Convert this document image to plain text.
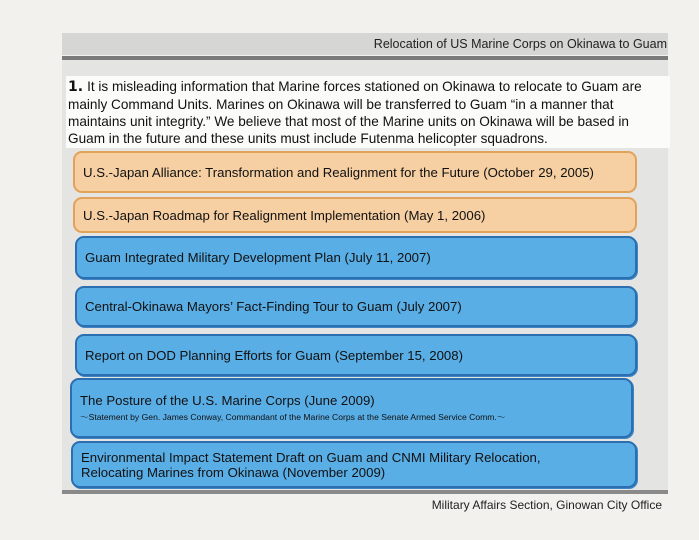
Relocation of US Marine Corps on Okinawa to Guam

1. It is misleading information that Marine forces stationed on Okinawa to relocate to Guam are mainly Command Units. Marines on Okinawa will be transferred to Guam “in a manner that maintains unit integrity.” We believe that most of the Marine units on Okinawa will be based in Guam in the future and these units must include Futenma helicopter squadrons.

U.S.-Japan Alliance: Transformation and Realignment for the Future (October 29, 2005)
U.S.-Japan Roadmap for Realignment Implementation (May 1, 2006)
Guam Integrated Military Development Plan (July 11, 2007)
Central-Okinawa Mayors’ Fact-Finding Tour to Guam (July 2007)
Report on DOD Planning Efforts for Guam (September 15, 2008)
The Posture of the U.S. Marine Corps (June 2009)
〜Statement by Gen. James Conway, Commandant of the Marine Corps at the Senate Armed Service Comm.〜
Environmental Impact Statement Draft on Guam and CNMI Military Relocation,
Relocating Marines from Okinawa (November 2009)
Military Affairs Section, Ginowan City Office
